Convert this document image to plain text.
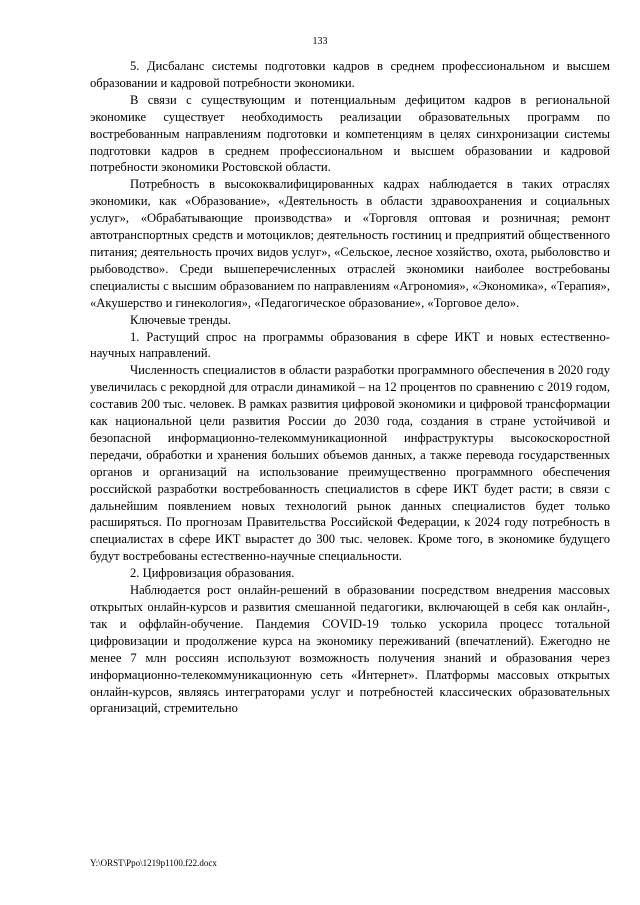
133

5. Дисбаланс системы подготовки кадров в среднем профессиональном и высшем образовании и кадровой потребности экономики.

В связи с существующим и потенциальным дефицитом кадров в региональной экономике существует необходимость реализации образовательных программ по востребованным направлениям подготовки и компетенциям в целях синхронизации системы подготовки кадров в среднем профессиональном и высшем образовании и кадровой потребности экономики Ростовской области.

Потребность в высококвалифицированных кадрах наблюдается в таких отраслях экономики, как «Образование», «Деятельность в области здравоохранения и социальных услуг», «Обрабатывающие производства» и «Торговля оптовая и розничная; ремонт автотранспортных средств и мотоциклов; деятельность гостиниц и предприятий общественного питания; деятельность прочих видов услуг», «Сельское, лесное хозяйство, охота, рыболовство и рыбоводство». Среди вышеперечисленных отраслей экономики наиболее востребованы специалисты с высшим образованием по направлениям «Агрономия», «Экономика», «Терапия», «Акушерство и гинекология», «Педагогическое образование», «Торговое дело».

Ключевые тренды.

1. Растущий спрос на программы образования в сфере ИКТ и новых естественно-научных направлений.

Численность специалистов в области разработки программного обеспечения в 2020 году увеличилась с рекордной для отрасли динамикой – на 12 процентов по сравнению с 2019 годом, составив 200 тыс. человек. В рамках развития цифровой экономики и цифровой трансформации как национальной цели развития России до 2030 года, создания в стране устойчивой и безопасной информационно-телекоммуникационной инфраструктуры высокоскоростной передачи, обработки и хранения больших объемов данных, а также перевода государственных органов и организаций на использование преимущественно программного обеспечения российской разработки востребованность специалистов в сфере ИКТ будет расти; в связи с дальнейшим появлением новых технологий рынок данных специалистов будет только расширяться. По прогнозам Правительства Российской Федерации, к 2024 году потребность в специалистах в сфере ИКТ вырастет до 300 тыс. человек. Кроме того, в экономике будущего будут востребованы естественно-научные специальности.

2. Цифровизация образования.

Наблюдается рост онлайн-решений в образовании посредством внедрения массовых открытых онлайн-курсов и развития смешанной педагогики, включающей в себя как онлайн-, так и оффлайн-обучение. Пандемия COVID-19 только ускорила процесс тотальной цифровизации и продолжение курса на экономику переживаний (впечатлений). Ежегодно не менее 7 млн россиян используют возможность получения знаний и образования через информационно-телекоммуникационную сеть «Интернет». Платформы массовых открытых онлайн-курсов, являясь интеграторами услуг и потребностей классических образовательных организаций, стремительно

Y:\ORST\Ppo\1219p1100.f22.docx
